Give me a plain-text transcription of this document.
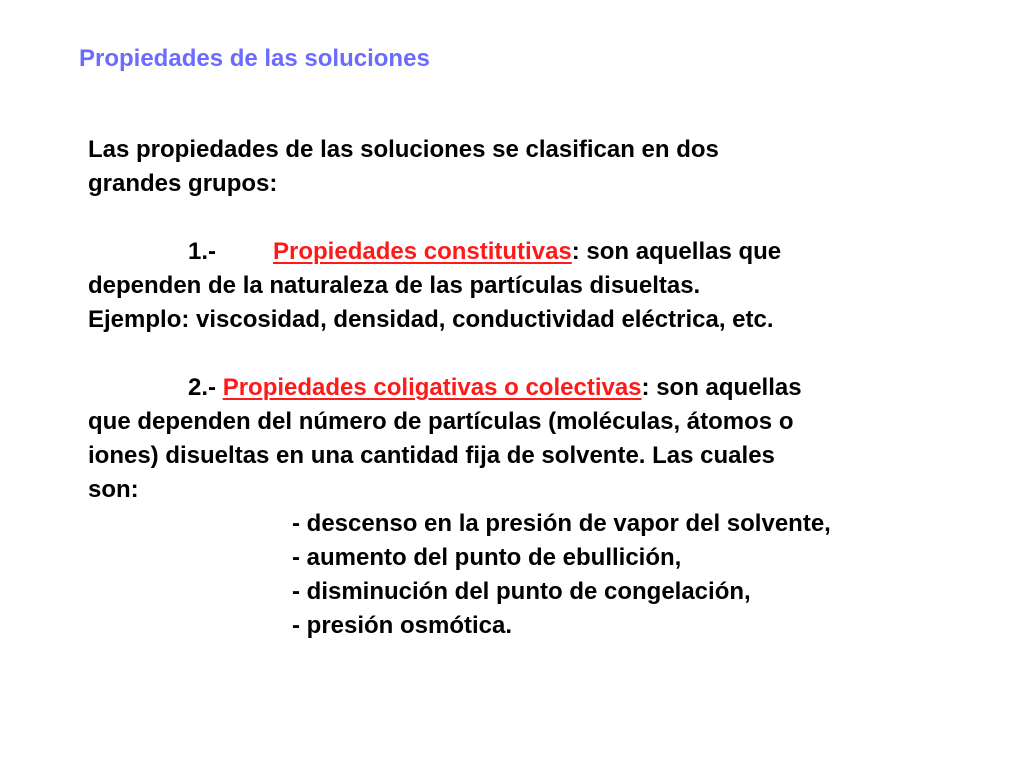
Propiedades de las soluciones
Las propiedades de las soluciones se clasifican en dos
grandes grupos:
1.- Propiedades constitutivas: son aquellas que
dependen de la naturaleza de las partículas disueltas.
Ejemplo: viscosidad, densidad, conductividad eléctrica, etc.
2.- Propiedades coligativas o colectivas: son aquellas
que dependen del número de partículas (moléculas, átomos o
iones) disueltas en una cantidad fija de solvente. Las cuales
son:
- descenso en la presión de vapor del solvente,
- aumento del punto de ebullición,
- disminución del punto de congelación,
- presión osmótica.
